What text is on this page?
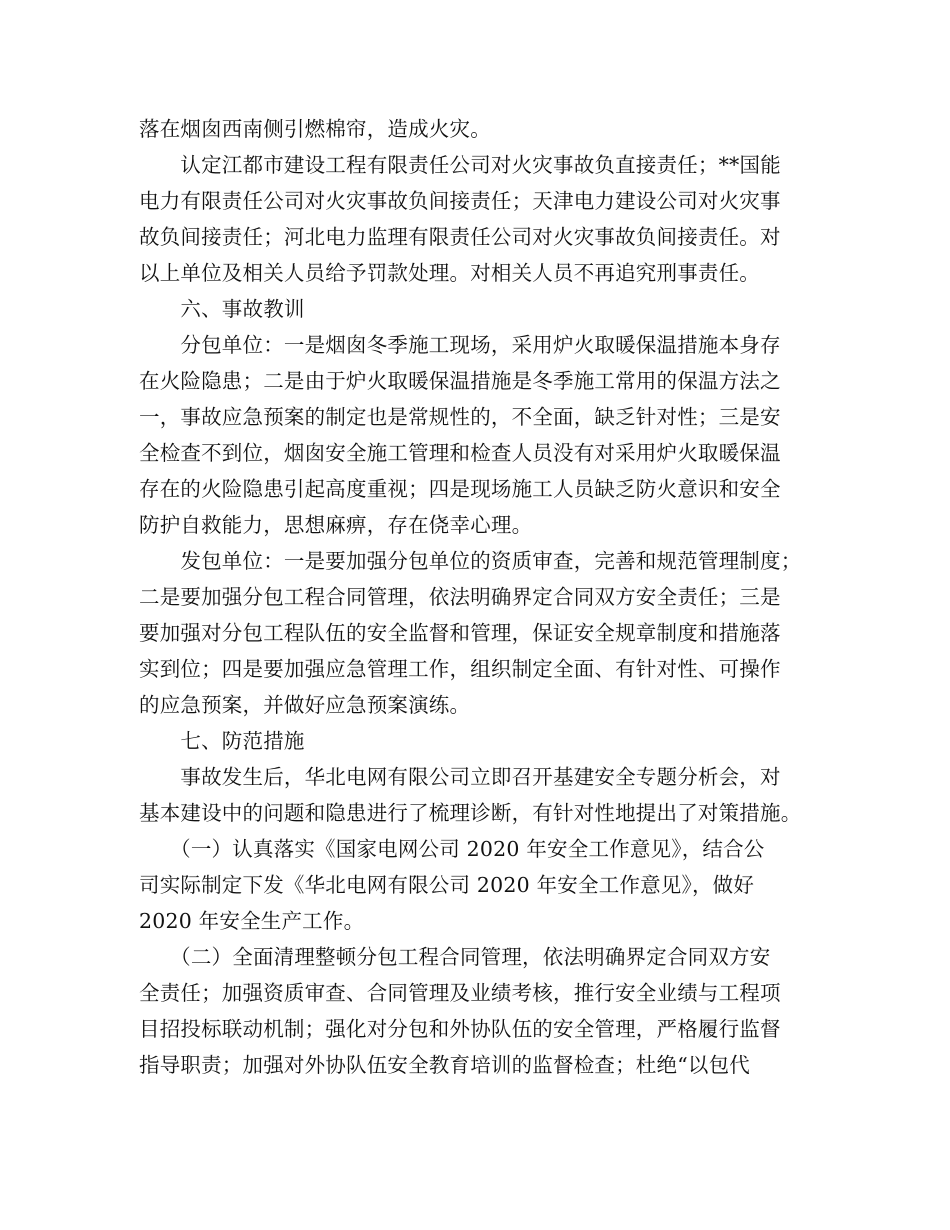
落在烟囱西南侧引燃棉帘，造成火灾。
　　认定江都市建设工程有限责任公司对火灾事故负直接责任；**国能
电力有限责任公司对火灾事故负间接责任；天津电力建设公司对火灾事
故负间接责任；河北电力监理有限责任公司对火灾事故负间接责任。对
以上单位及相关人员给予罚款处理。对相关人员不再追究刑事责任。
　　六、事故教训
　　分包单位：一是烟囱冬季施工现场，采用炉火取暖保温措施本身存
在火险隐患；二是由于炉火取暖保温措施是冬季施工常用的保温方法之
一，事故应急预案的制定也是常规性的，不全面，缺乏针对性；三是安
全检查不到位，烟囱安全施工管理和检查人员没有对采用炉火取暖保温
存在的火险隐患引起高度重视；四是现场施工人员缺乏防火意识和安全
防护自救能力，思想麻痹，存在侥幸心理。
　　发包单位：一是要加强分包单位的资质审查，完善和规范管理制度；
二是要加强分包工程合同管理，依法明确界定合同双方安全责任；三是
要加强对分包工程队伍的安全监督和管理，保证安全规章制度和措施落
实到位；四是要加强应急管理工作，组织制定全面、有针对性、可操作
的应急预案，并做好应急预案演练。
　　七、防范措施
　　事故发生后，华北电网有限公司立即召开基建安全专题分析会，对
基本建设中的问题和隐患进行了梳理诊断，有针对性地提出了对策措施。
　　（一）认真落实《国家电网公司 2020 年安全工作意见》，结合公
司实际制定下发《华北电网有限公司 2020 年安全工作意见》，做好
2020 年安全生产工作。
　　（二）全面清理整顿分包工程合同管理，依法明确界定合同双方安
全责任；加强资质审查、合同管理及业绩考核，推行安全业绩与工程项
目招投标联动机制；强化对分包和外协队伍的安全管理，严格履行监督
指导职责；加强对外协队伍安全教育培训的监督检查；杜绝“以包代
